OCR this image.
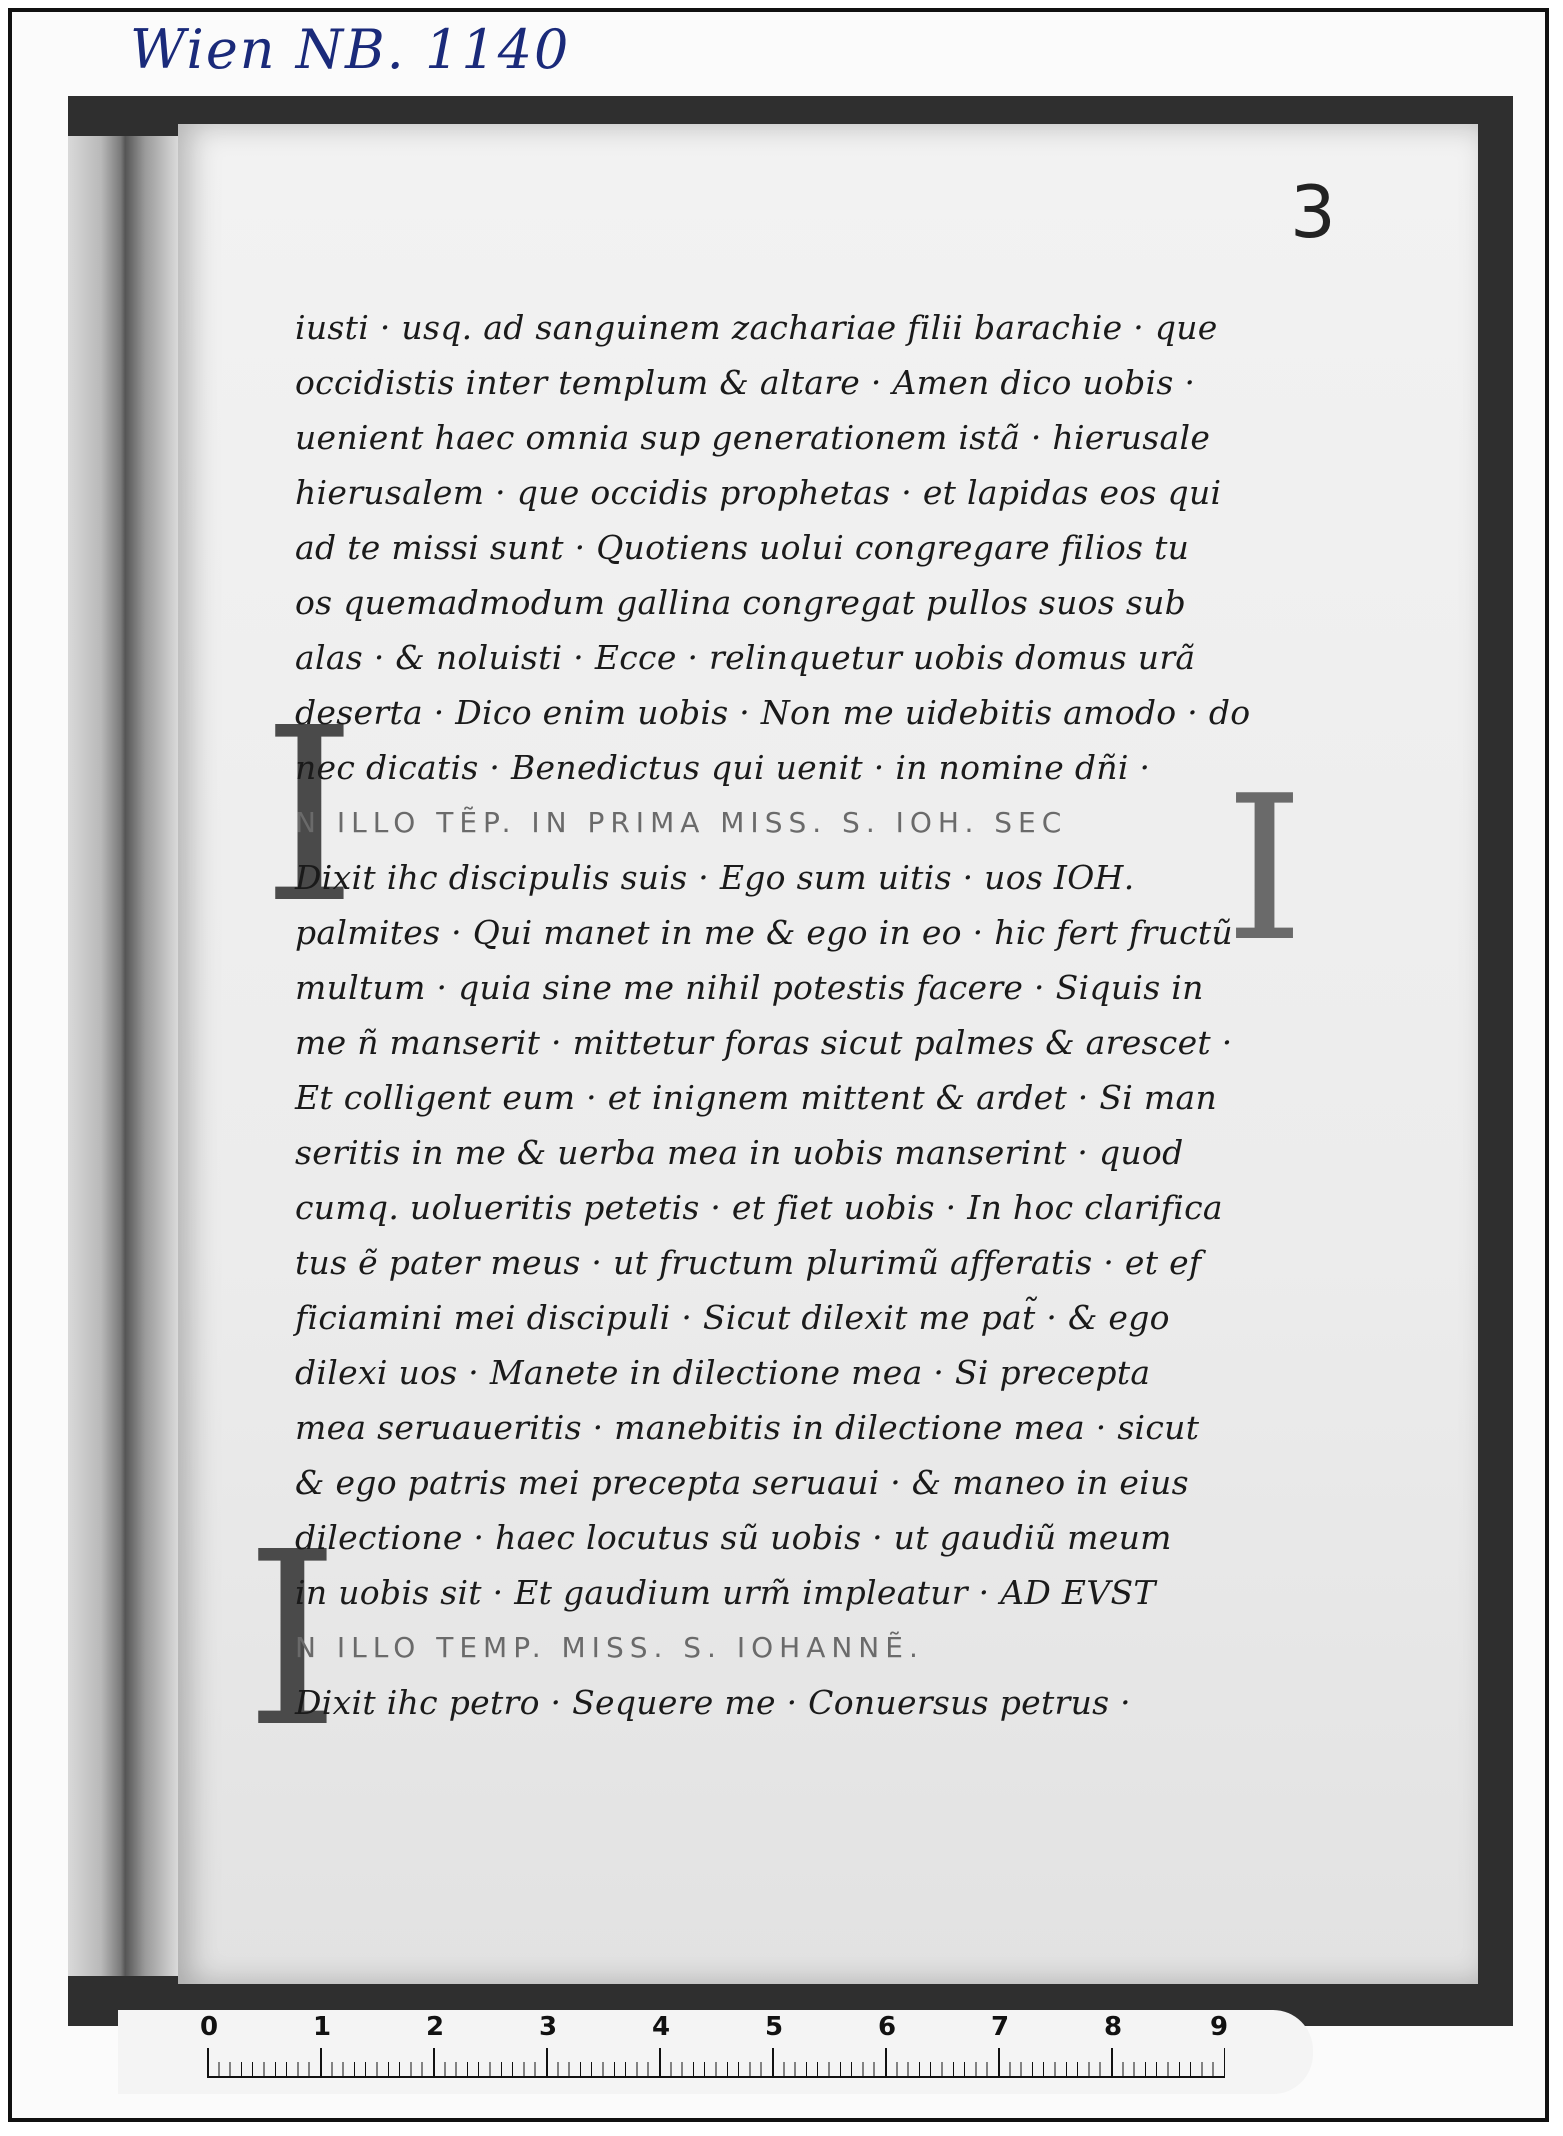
Wien NB. 1140
3
I	I
I
iusti · usq. ad sanguinem zachariae filii barachie · que
occidistis inter templum & altare · Amen dico uobis ·
uenient haec omnia sup generationem istã · hierusale
hierusalem · que occidis prophetas · et lapidas eos qui
ad te missi sunt · Quotiens uolui congregare filios tu
os quemadmodum gallina congregat pullos suos sub
alas · & noluisti · Ecce · relinquetur uobis domus urã
deserta · Dico enim uobis · Non me uidebitis amodo · do
nec dicatis · Benedictus qui uenit · in nomine dñi ·
N ILLO TẼP. IN PRIMA MISS. S. IOH. SEC
Dixit ihc discipulis suis · Ego sum uitis · uos IOH.
palmites · Qui manet in me & ego in eo · hic fert fructũ
multum · quia sine me nihil potestis facere · Siquis in
me ñ manserit · mittetur foras sicut palmes & arescet ·
Et colligent eum · et inignem mittent & ardet · Si man
seritis in me & uerba mea in uobis manserint · quod
cumq. uolueritis petetis · et fiet uobis · In hoc clarifica
tus ẽ pater meus · ut fructum plurimũ afferatis · et ef
ficiamini mei discipuli · Sicut dilexit me pat̃ · & ego
dilexi uos · Manete in dilectione mea · Si precepta
mea seruaueritis · manebitis in dilectione mea · sicut
& ego patris mei precepta seruaui · & maneo in eius
dilectione · haec locutus sũ uobis · ut gaudiũ meum
in uobis sit · Et gaudium urm̃ impleatur · AD EVST
N ILLO TEMP. MISS. S. IOHANNẼ.
Dixit ihc petro · Sequere me · Conuersus petrus ·
0	1	2	3	4	5	6	7	8	9
